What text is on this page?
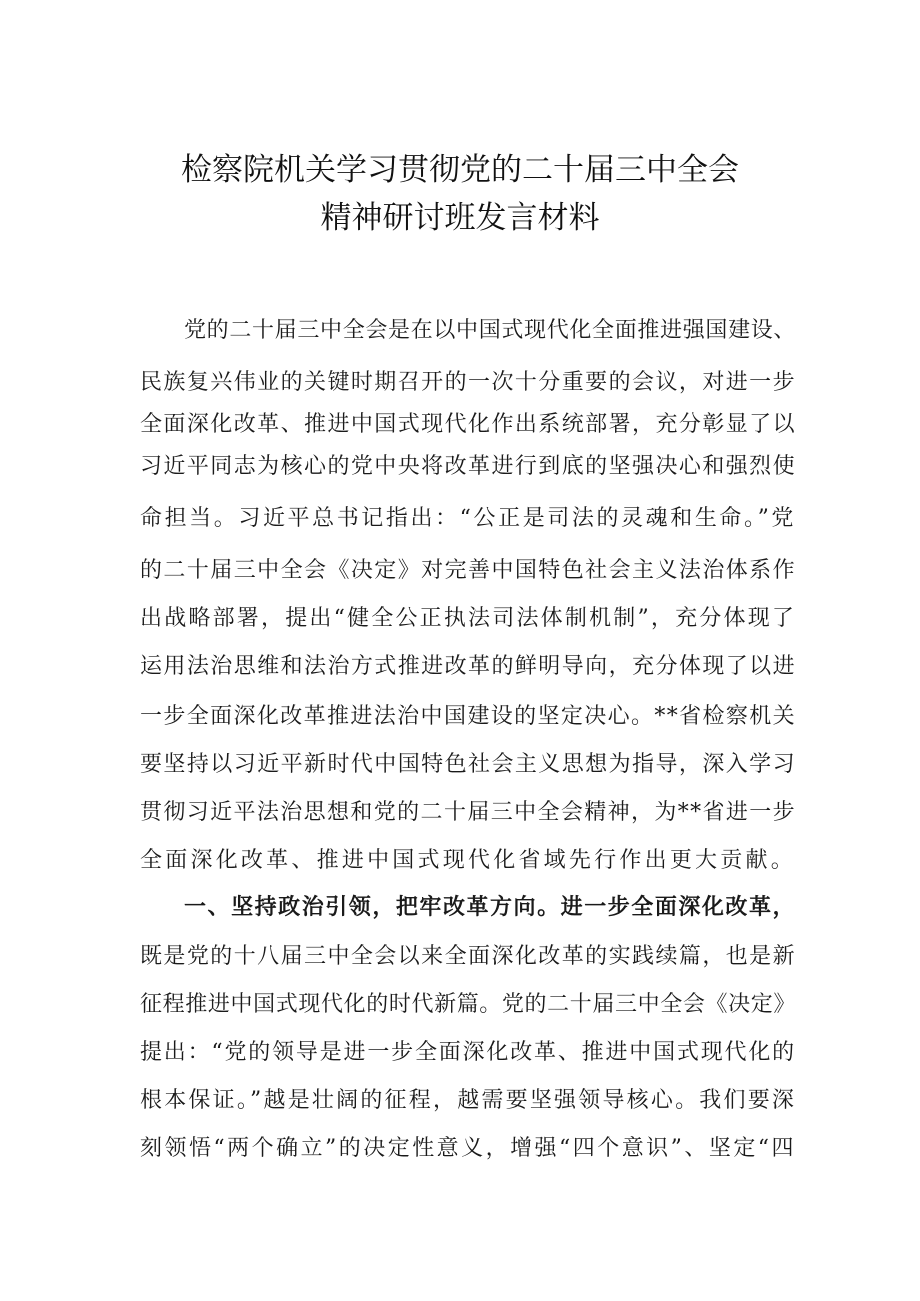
检察院机关学习贯彻党的二十届三中全会
精神研讨班发言材料
党的二十届三中全会是在以中国式现代化全面推进强国建设、
民族复兴伟业的关键时期召开的一次十分重要的会议，对进一步
全面深化改革、推进中国式现代化作出系统部署，充分彰显了以
习近平同志为核心的党中央将改革进行到底的坚强决心和强烈使
命担当。习近平总书记指出：“公正是司法的灵魂和生命。”党
的二十届三中全会《决定》对完善中国特色社会主义法治体系作
出战略部署，提出“健全公正执法司法体制机制”，充分体现了
运用法治思维和法治方式推进改革的鲜明导向，充分体现了以进
一步全面深化改革推进法治中国建设的坚定决心。**省检察机关
要坚持以习近平新时代中国特色社会主义思想为指导，深入学习
贯彻习近平法治思想和党的二十届三中全会精神，为**省进一步
全面深化改革、推进中国式现代化省域先行作出更大贡献。
一、坚持政治引领，把牢改革方向。进一步全面深化改革，
既是党的十八届三中全会以来全面深化改革的实践续篇，也是新
征程推进中国式现代化的时代新篇。党的二十届三中全会《决定》
提出：“党的领导是进一步全面深化改革、推进中国式现代化的
根本保证。”越是壮阔的征程，越需要坚强领导核心。我们要深
刻领悟“两个确立”的决定性意义，增强“四个意识”、坚定“四
